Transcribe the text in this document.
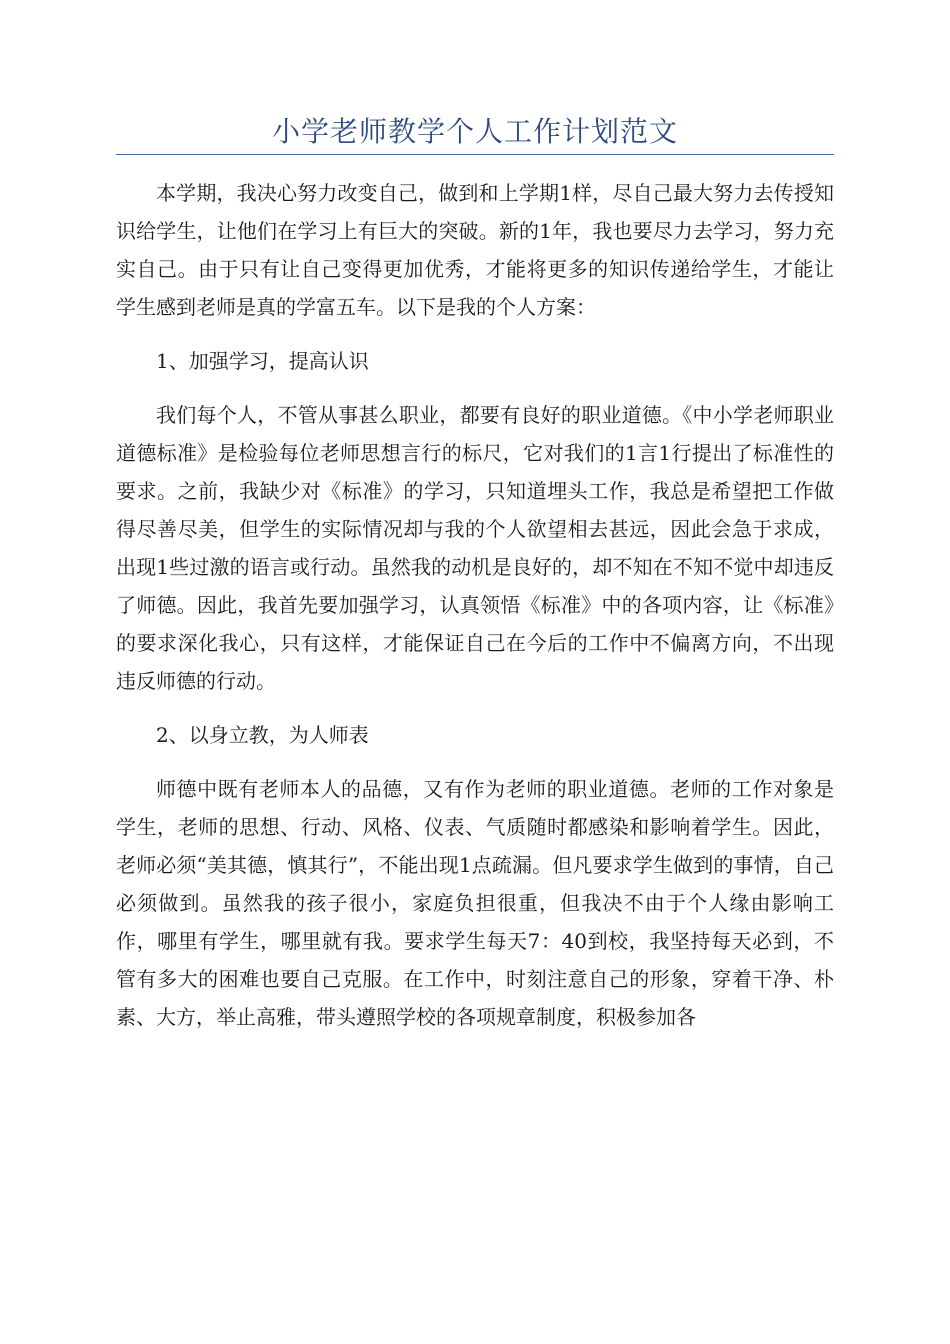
小学老师教学个人工作计划范文

本学期，我决心努力改变自己，做到和上学期1样，尽自己最大努力去传授知识给学生，让他们在学习上有巨大的突破。新的1年，我也要尽力去学习，努力充实自己。由于只有让自己变得更加优秀，才能将更多的知识传递给学生，才能让学生感到老师是真的学富五车。以下是我的个人方案：

1、加强学习，提高认识

我们每个人，不管从事甚么职业，都要有良好的职业道德。《中小学老师职业道德标准》是检验每位老师思想言行的标尺，它对我们的1言1行提出了标准性的要求。之前，我缺少对《标准》的学习，只知道埋头工作，我总是希望把工作做得尽善尽美，但学生的实际情况却与我的个人欲望相去甚远，因此会急于求成，出现1些过激的语言或行动。虽然我的动机是良好的，却不知在不知不觉中却违反了师德。因此，我首先要加强学习，认真领悟《标准》中的各项内容，让《标准》的要求深化我心，只有这样，才能保证自己在今后的工作中不偏离方向，不出现违反师德的行动。

2、以身立教，为人师表

师德中既有老师本人的品德，又有作为老师的职业道德。老师的工作对象是学生，老师的思想、行动、风格、仪表、气质随时都感染和影响着学生。因此，老师必须“美其德，慎其行”，不能出现1点疏漏。但凡要求学生做到的事情，自己必须做到。虽然我的孩子很小，家庭负担很重，但我决不由于个人缘由影响工作，哪里有学生，哪里就有我。要求学生每天7：40到校，我坚持每天必到，不管有多大的困难也要自己克服。在工作中，时刻注意自己的形象，穿着干净、朴素、大方，举止高雅，带头遵照学校的各项规章制度，积极参加各
